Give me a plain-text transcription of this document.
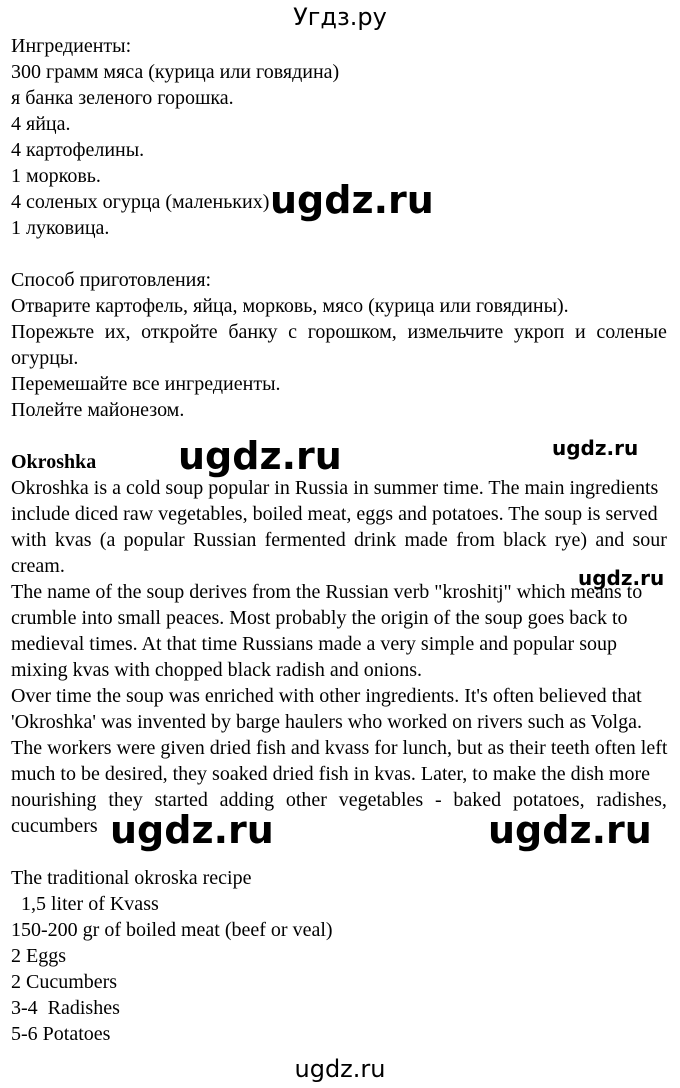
Угдз.ру
Ингредиенты:
300 грамм мяса (курица или говядина)
я банка зеленого горошка.
4 яйца.
4 картофелины.
1 морковь.
4 соленых огурца (маленьких)
1 луковица.
Способ приготовления:
Отварите картофель, яйца, морковь, мясо (курица или говядины).
Порежьте их, откройте банку с горошком, измельчите укроп и соленые
огурцы.
Перемешайте все ингредиенты.
Полейте майонезом.
Okroshka
Okroshka is a cold soup popular in Russia in summer time. The main ingredients
include diced raw vegetables, boiled meat, eggs and potatoes. The soup is served
with kvas (a popular Russian fermented drink made from black rye) and sour
cream.
The name of the soup derives from the Russian verb "kroshitj" which means to
crumble into small peaces. Most probably the origin of the soup goes back to
medieval times. At that time Russians made a very simple and popular soup
mixing kvas with chopped black radish and onions.
Over time the soup was enriched with other ingredients. It's often believed that
'Okroshka' was invented by barge haulers who worked on rivers such as Volga.
The workers were given dried fish and kvass for lunch, but as their teeth often left
much to be desired, they soaked dried fish in kvas. Later, to make the dish more
nourishing they started adding other vegetables - baked potatoes, radishes,
cucumbers
The traditional okroska recipe
1,5 liter of Kvass
150-200 gr of boiled meat (beef or veal)
2 Eggs
2 Cucumbers
3-4  Radishes
5-6 Potatoes
ugdz.ru
ugdz.ru	ugdz.ru
ugdz.ru
ugdz.ru	ugdz.ru
ugdz.ru
